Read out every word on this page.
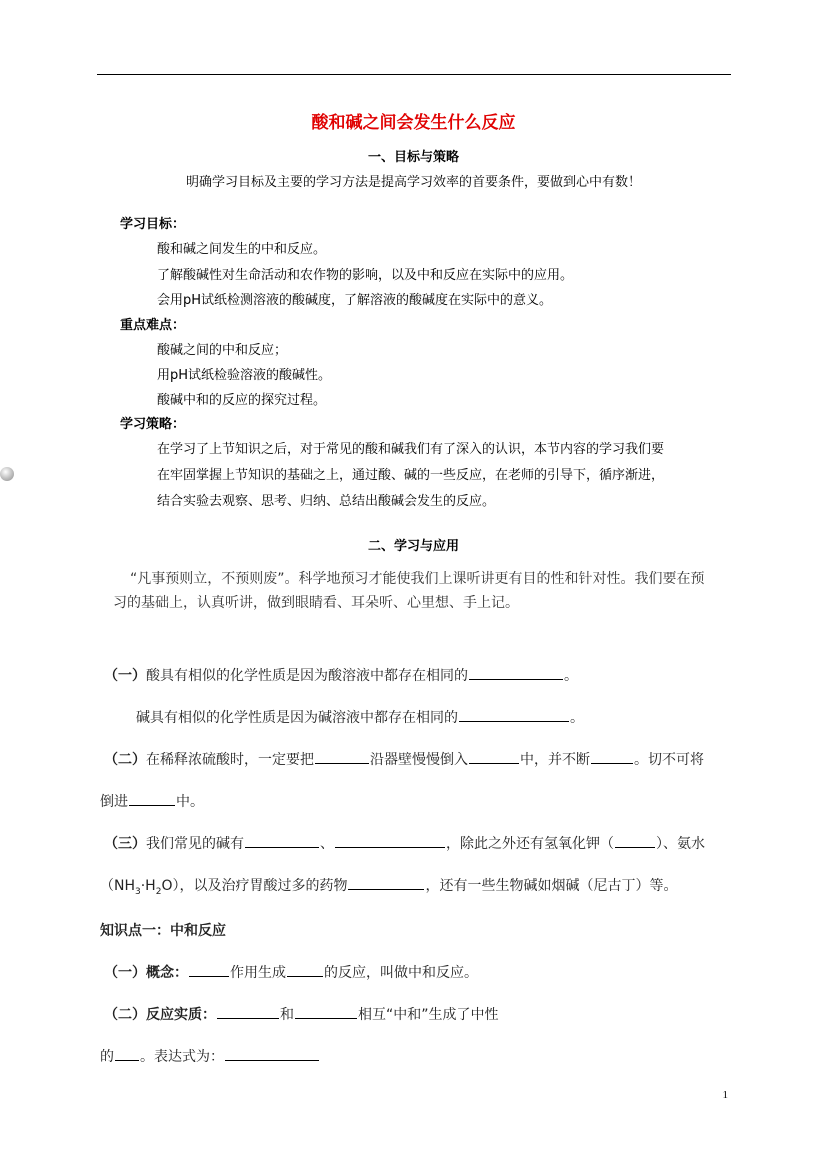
酸和碱之间会发生什么反应
一、目标与策略
明确学习目标及主要的学习方法是提高学习效率的首要条件，要做到心中有数！
学习目标：
酸和碱之间发生的中和反应。
了解酸碱性对生命活动和农作物的影响，以及中和反应在实际中的应用。
会用pH试纸检测溶液的酸碱度，了解溶液的酸碱度在实际中的意义。
重点难点：
酸碱之间的中和反应；
用pH试纸检验溶液的酸碱性。
酸碱中和的反应的探究过程。
学习策略：
在学习了上节知识之后，对于常见的酸和碱我们有了深入的认识，本节内容的学习我们要
在牢固掌握上节知识的基础之上，通过酸、碱的一些反应，在老师的引导下，循序渐进，
结合实验去观察、思考、归纳、总结出酸碱会发生的反应。
二、学习与应用
“凡事预则立，不预则废”。科学地预习才能使我们上课听讲更有目的性和针对性。我们要在预
习的基础上，认真听讲，做到眼睛看、耳朵听、心里想、手上记。
（一）酸具有相似的化学性质是因为酸溶液中都存在相同的	。
碱具有相似的化学性质是因为碱溶液中都存在相同的	。
（二）在稀释浓硫酸时，一定要把	沿器壁慢慢倒入	中，并不断	。切不可将
倒进	中。
（三）我们常见的碱有	、	，除此之外还有氢氧化钾（	）、氨水
$(NH_3\cdot H_2O)$，以及治疗胃酸过多的药物	，还有一些生物碱如烟碱（尼古丁）等。
知识点一：中和反应
（一）概念：	作用生成	的反应，叫做中和反应。
（二）反应实质：	和	相互“中和”生成了中性
的 。表达式为：
1
